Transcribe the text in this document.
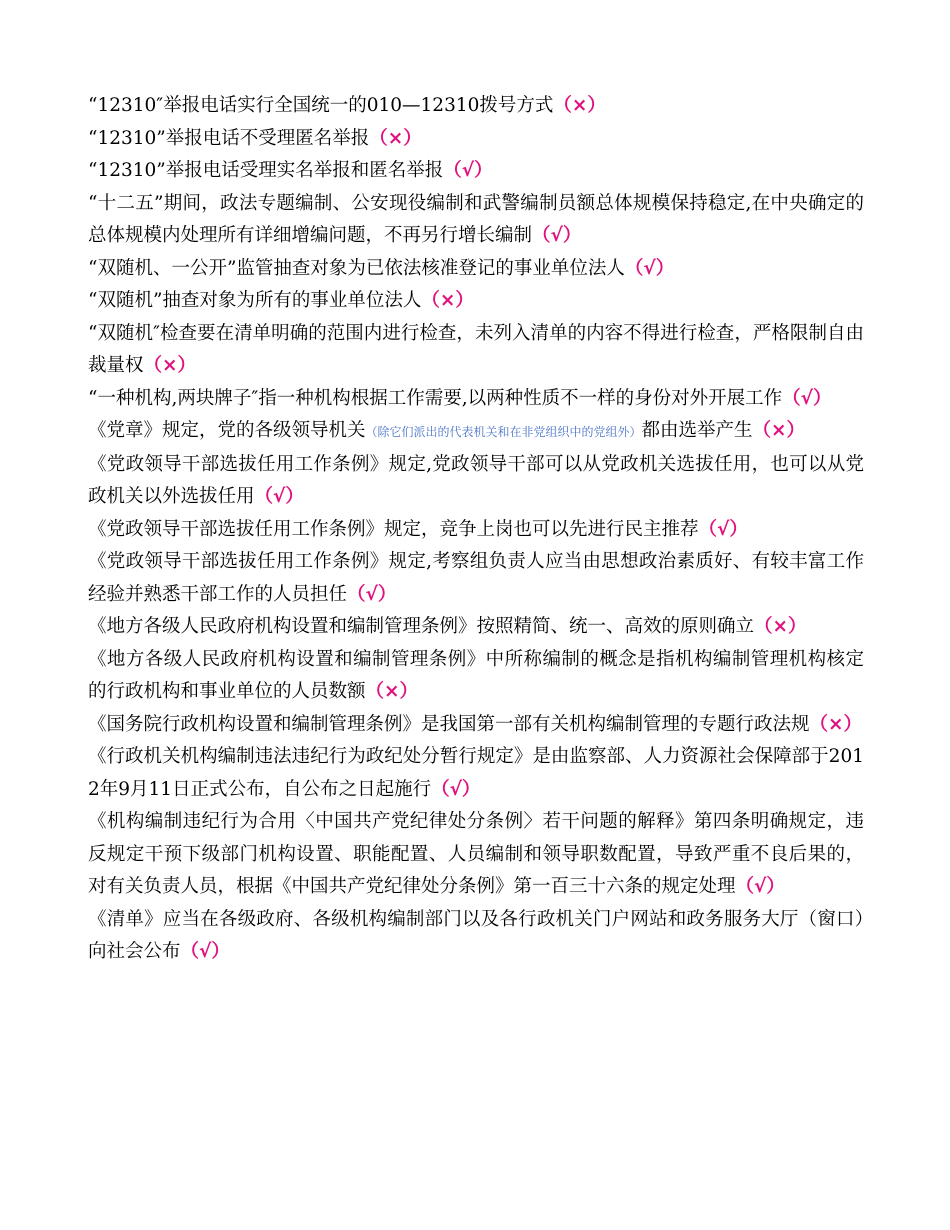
“12310″举报电话实行全国统一的010—12310拨号方式（×）

“12310”举报电话不受理匿名举报（×）

“12310”举报电话受理实名举报和匿名举报（√）

“十二五”期间，政法专题编制、公安现役编制和武警编制员额总体规模保持稳定,在中央确定的总体规模内处理所有详细增编问题，不再另行增长编制（√）

“双随机、一公开”监管抽查对象为已依法核准登记的事业单位法人（√）

“双随机”抽查对象为所有的事业单位法人（×）

“双随机″检查要在清单明确的范围内进行检查，未列入清单的内容不得进行检查，严格限制自由裁量权（×）

“一种机构,两块牌子″指一种机构根据工作需要,以两种性质不一样的身份对外开展工作（√）

《党章》规定，党的各级领导机关（除它们派出的代表机关和在非党组织中的党组外）都由选举产生（×）

《党政领导干部选拔任用工作条例》规定,党政领导干部可以从党政机关选拔任用，也可以从党政机关以外选拔任用（√）

《党政领导干部选拔任用工作条例》规定，竞争上岗也可以先进行民主推荐（√）

《党政领导干部选拔任用工作条例》规定,考察组负责人应当由思想政治素质好、有较丰富工作经验并熟悉干部工作的人员担任（√）

《地方各级人民政府机构设置和编制管理条例》按照精简、统一、高效的原则确立（×）

《地方各级人民政府机构设置和编制管理条例》中所称编制的概念是指机构编制管理机构核定的行政机构和事业单位的人员数额（×）

《国务院行政机构设置和编制管理条例》是我国第一部有关机构编制管理的专题行政法规（×）

《行政机关机构编制违法违纪行为政纪处分暂行规定》是由监察部、人力资源社会保障部于2012年9月11日正式公布，自公布之日起施行（√）

《机构编制违纪行为合用〈中国共产党纪律处分条例〉若干问题的解释》第四条明确规定，违反规定干预下级部门机构设置、职能配置、人员编制和领导职数配置，导致严重不良后果的，对有关负责人员，根据《中国共产党纪律处分条例》第一百三十六条的规定处理（√）

《清单》应当在各级政府、各级机构编制部门以及各行政机关门户网站和政务服务大厅（窗口）向社会公布（√）
